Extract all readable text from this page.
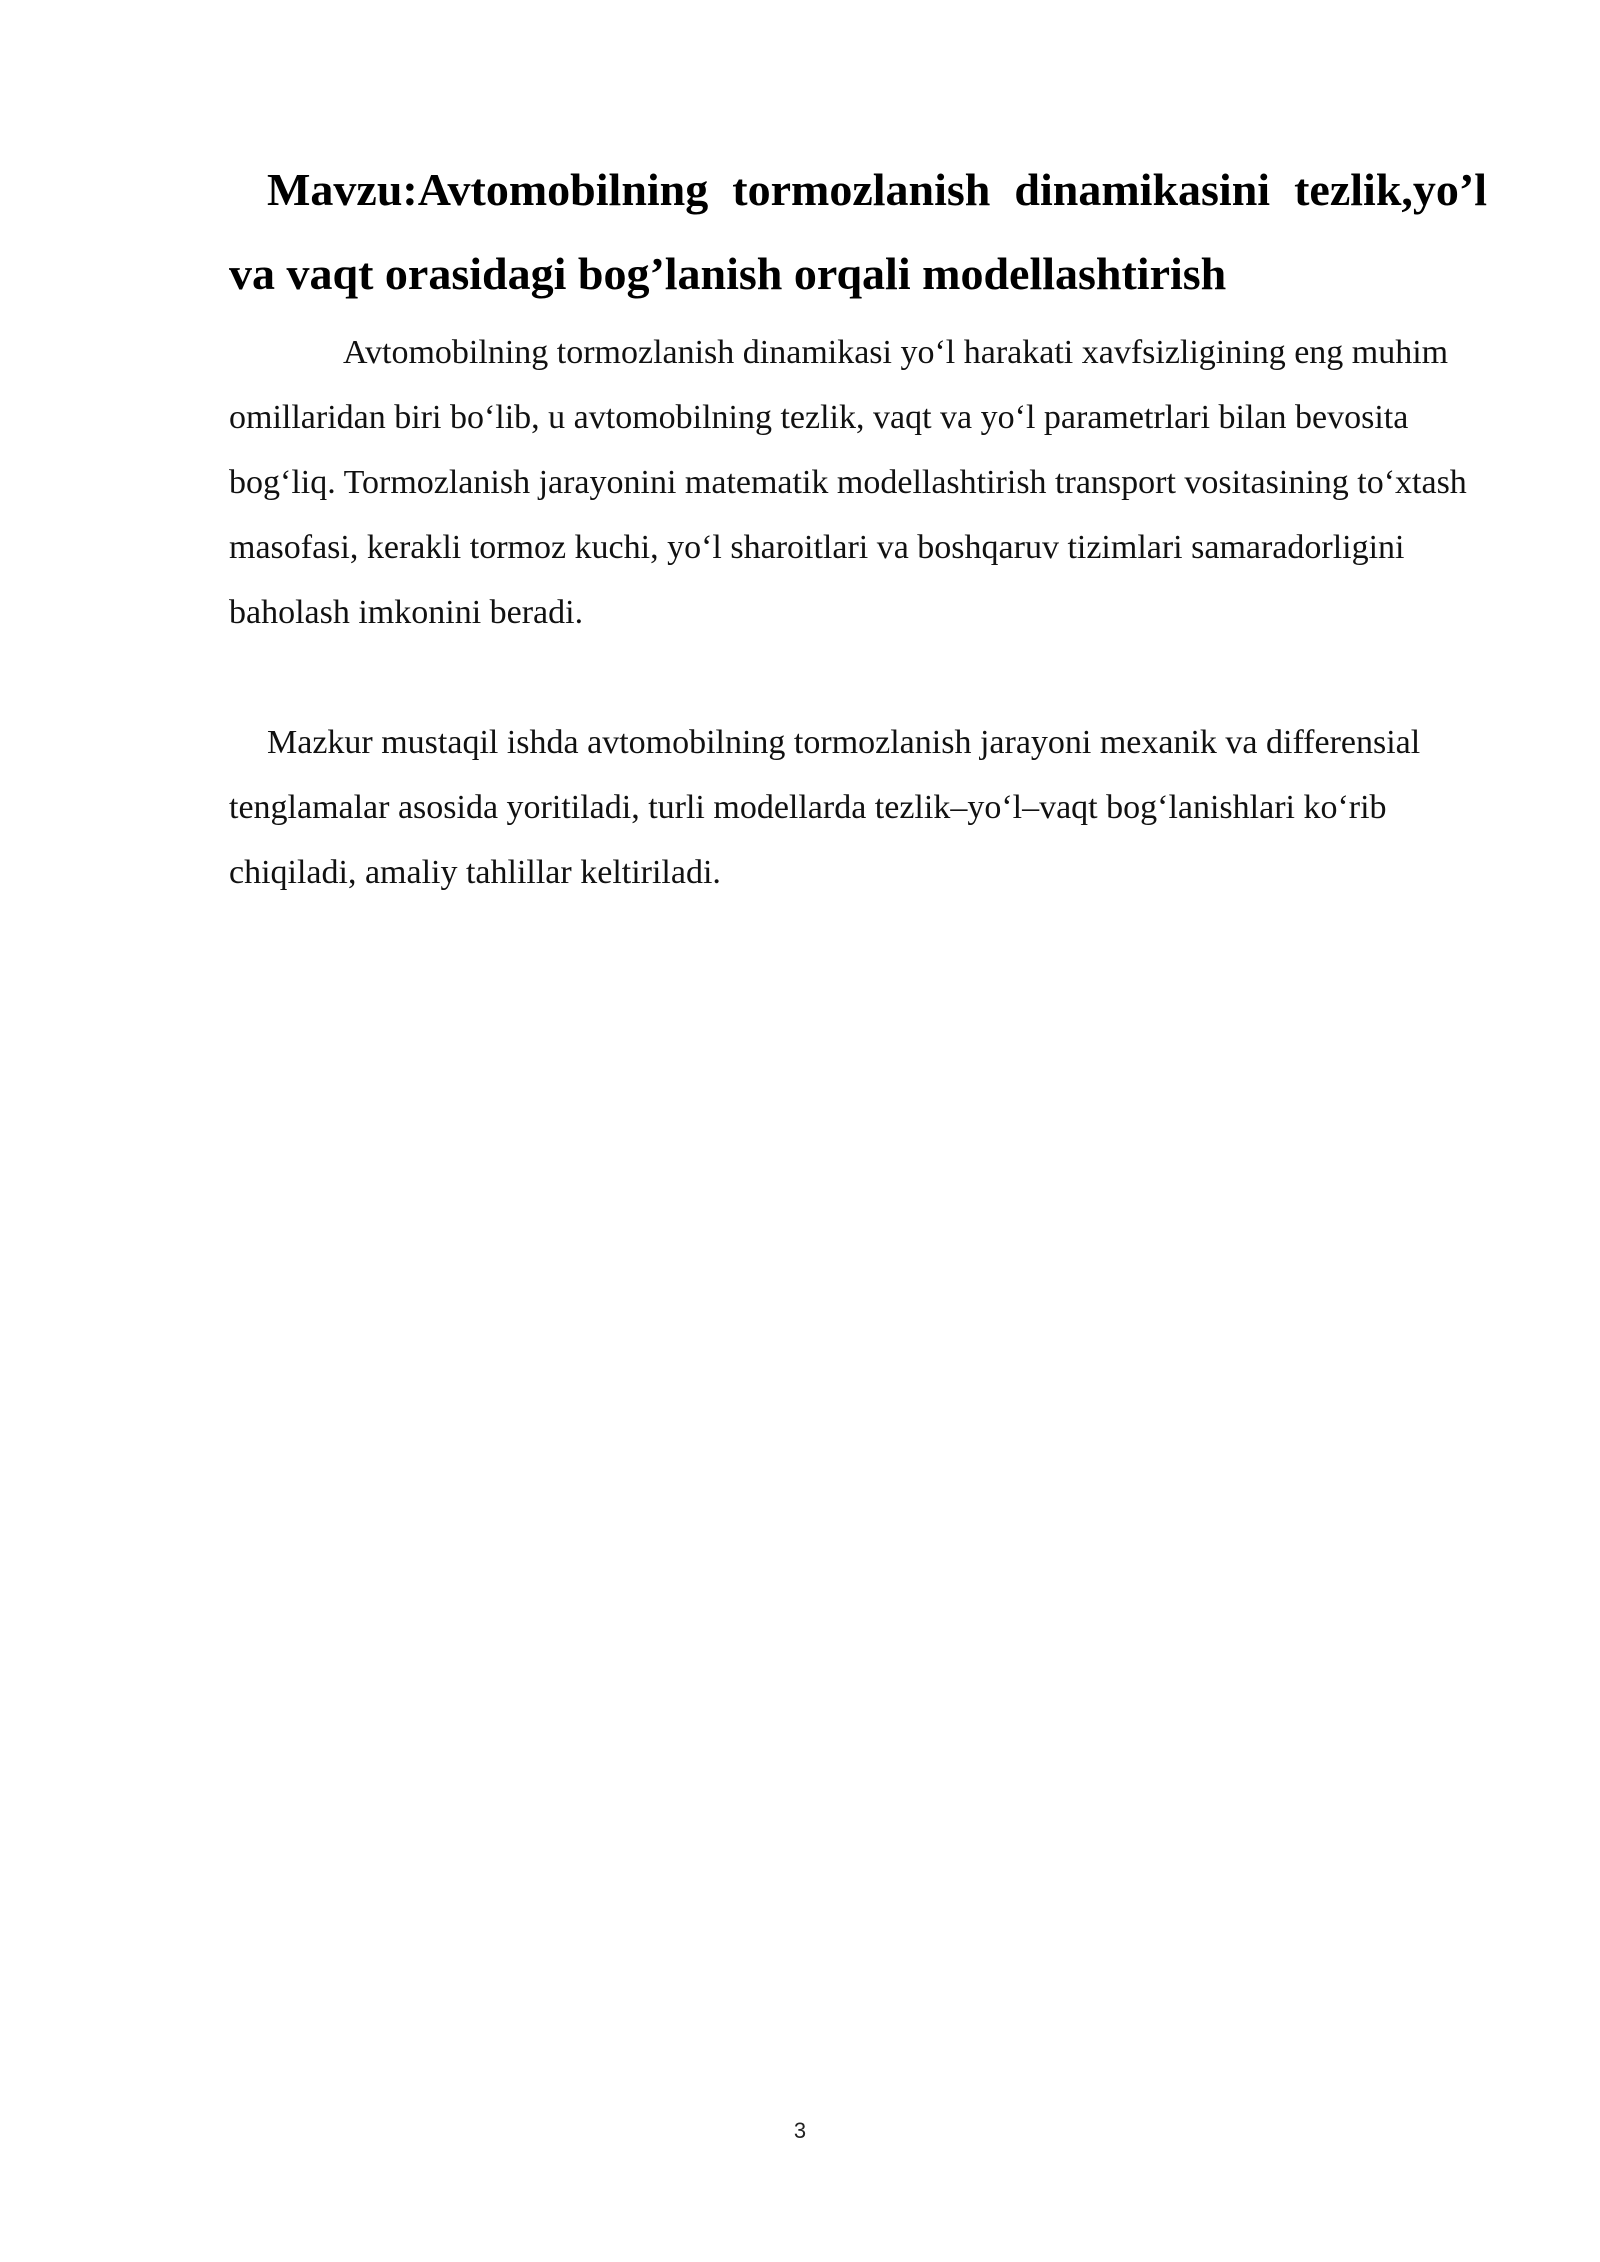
Mavzu:Avtomobilning tormozlanish dinamikasini tezlik,yo’l va vaqt orasidagi bog’lanish orqali modellashtirish

Avtomobilning tormozlanish dinamikasi yo‘l harakati xavfsizligining eng muhim omillaridan biri bo‘lib, u avtomobilning tezlik, vaqt va yo‘l parametrlari bilan bevosita bog‘liq. Tormozlanish jarayonini matematik modellashtirish transport vositasining to‘xtash masofasi, kerakli tormoz kuchi, yo‘l sharoitlari va boshqaruv tizimlari samaradorligini baholash imkonini beradi.

Mazkur mustaqil ishda avtomobilning tormozlanish jarayoni mexanik va differensial tenglamalar asosida yoritiladi, turli modellarda tezlik–yo‘l–vaqt bog‘lanishlari ko‘rib chiqiladi, amaliy tahlillar keltiriladi.

3
